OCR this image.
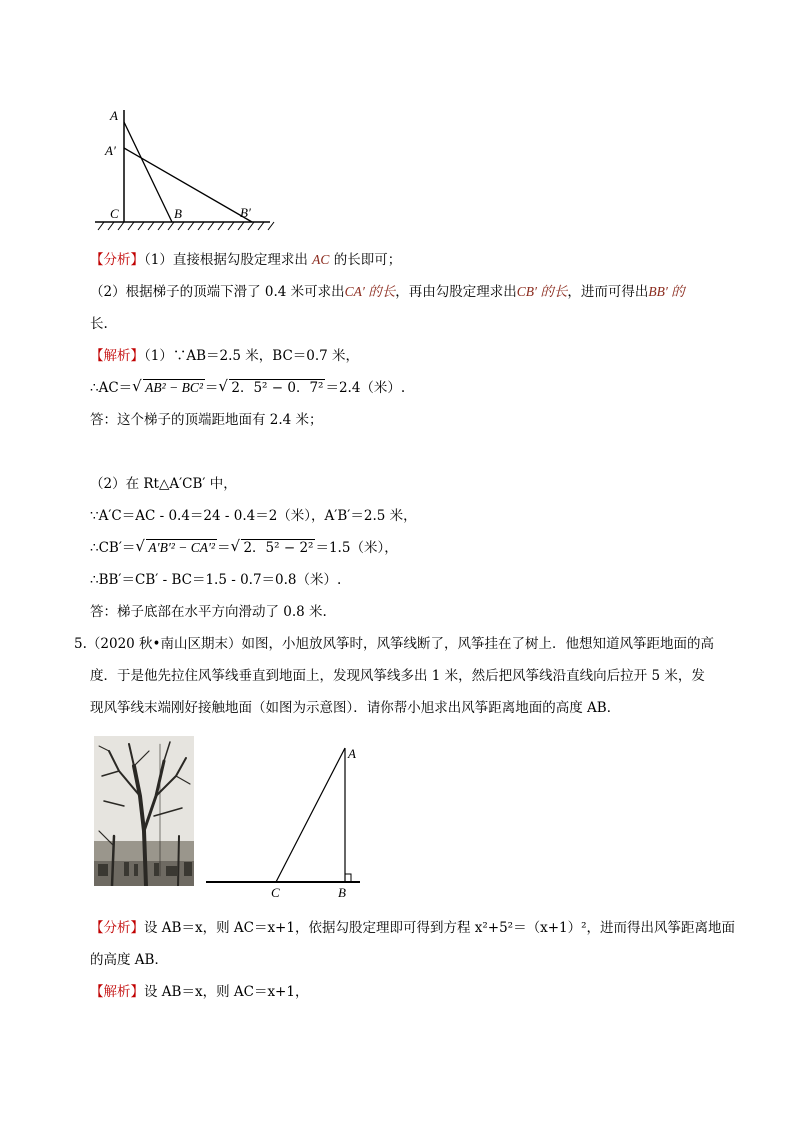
A
A′
C	B	B′
【分析】（1）直接根据勾股定理求出 AC 的长即可；
（2）根据梯子的顶端下滑了 0.4 米可求出CA′ 的长，再由勾股定理求出CB′ 的长，进而可得出BB′ 的
长.
【解析】（1）∵AB＝2.5 米，BC＝0.7 米，
∴AC＝ √ AB² − BC² ＝ √ 2．5² − 0．7² ＝2.4（米）.
答：这个梯子的顶端距地面有 2.4 米；
（2）在 Rt△A′CB′ 中，
∵A′C＝AC - 0.4＝24 - 0.4＝2（米），A′B′＝2.5 米，
∴CB′＝ √ A′B′² − CA′² ＝ √ 2．5² − 2² ＝1.5（米），
∴BB′＝CB′ - BC＝1.5 - 0.7＝0.8（米）.
答：梯子底部在水平方向滑动了 0.8 米.
5.（2020 秋•南山区期末）如图，小旭放风筝时，风筝线断了，风筝挂在了树上．他想知道风筝距地面的高
度．于是他先拉住风筝线垂直到地面上，发现风筝线多出 1 米，然后把风筝线沿直线向后拉开 5 米，发
现风筝线末端刚好接触地面（如图为示意图）．请你帮小旭求出风筝距离地面的高度 AB．
A
C	B
【分析】设 AB＝x，则 AC＝x+1，依据勾股定理即可得到方程 x²+5²＝（x+1）²，进而得出风筝距离地面
的高度 AB．
【解析】设 AB＝x，则 AC＝x+1，
